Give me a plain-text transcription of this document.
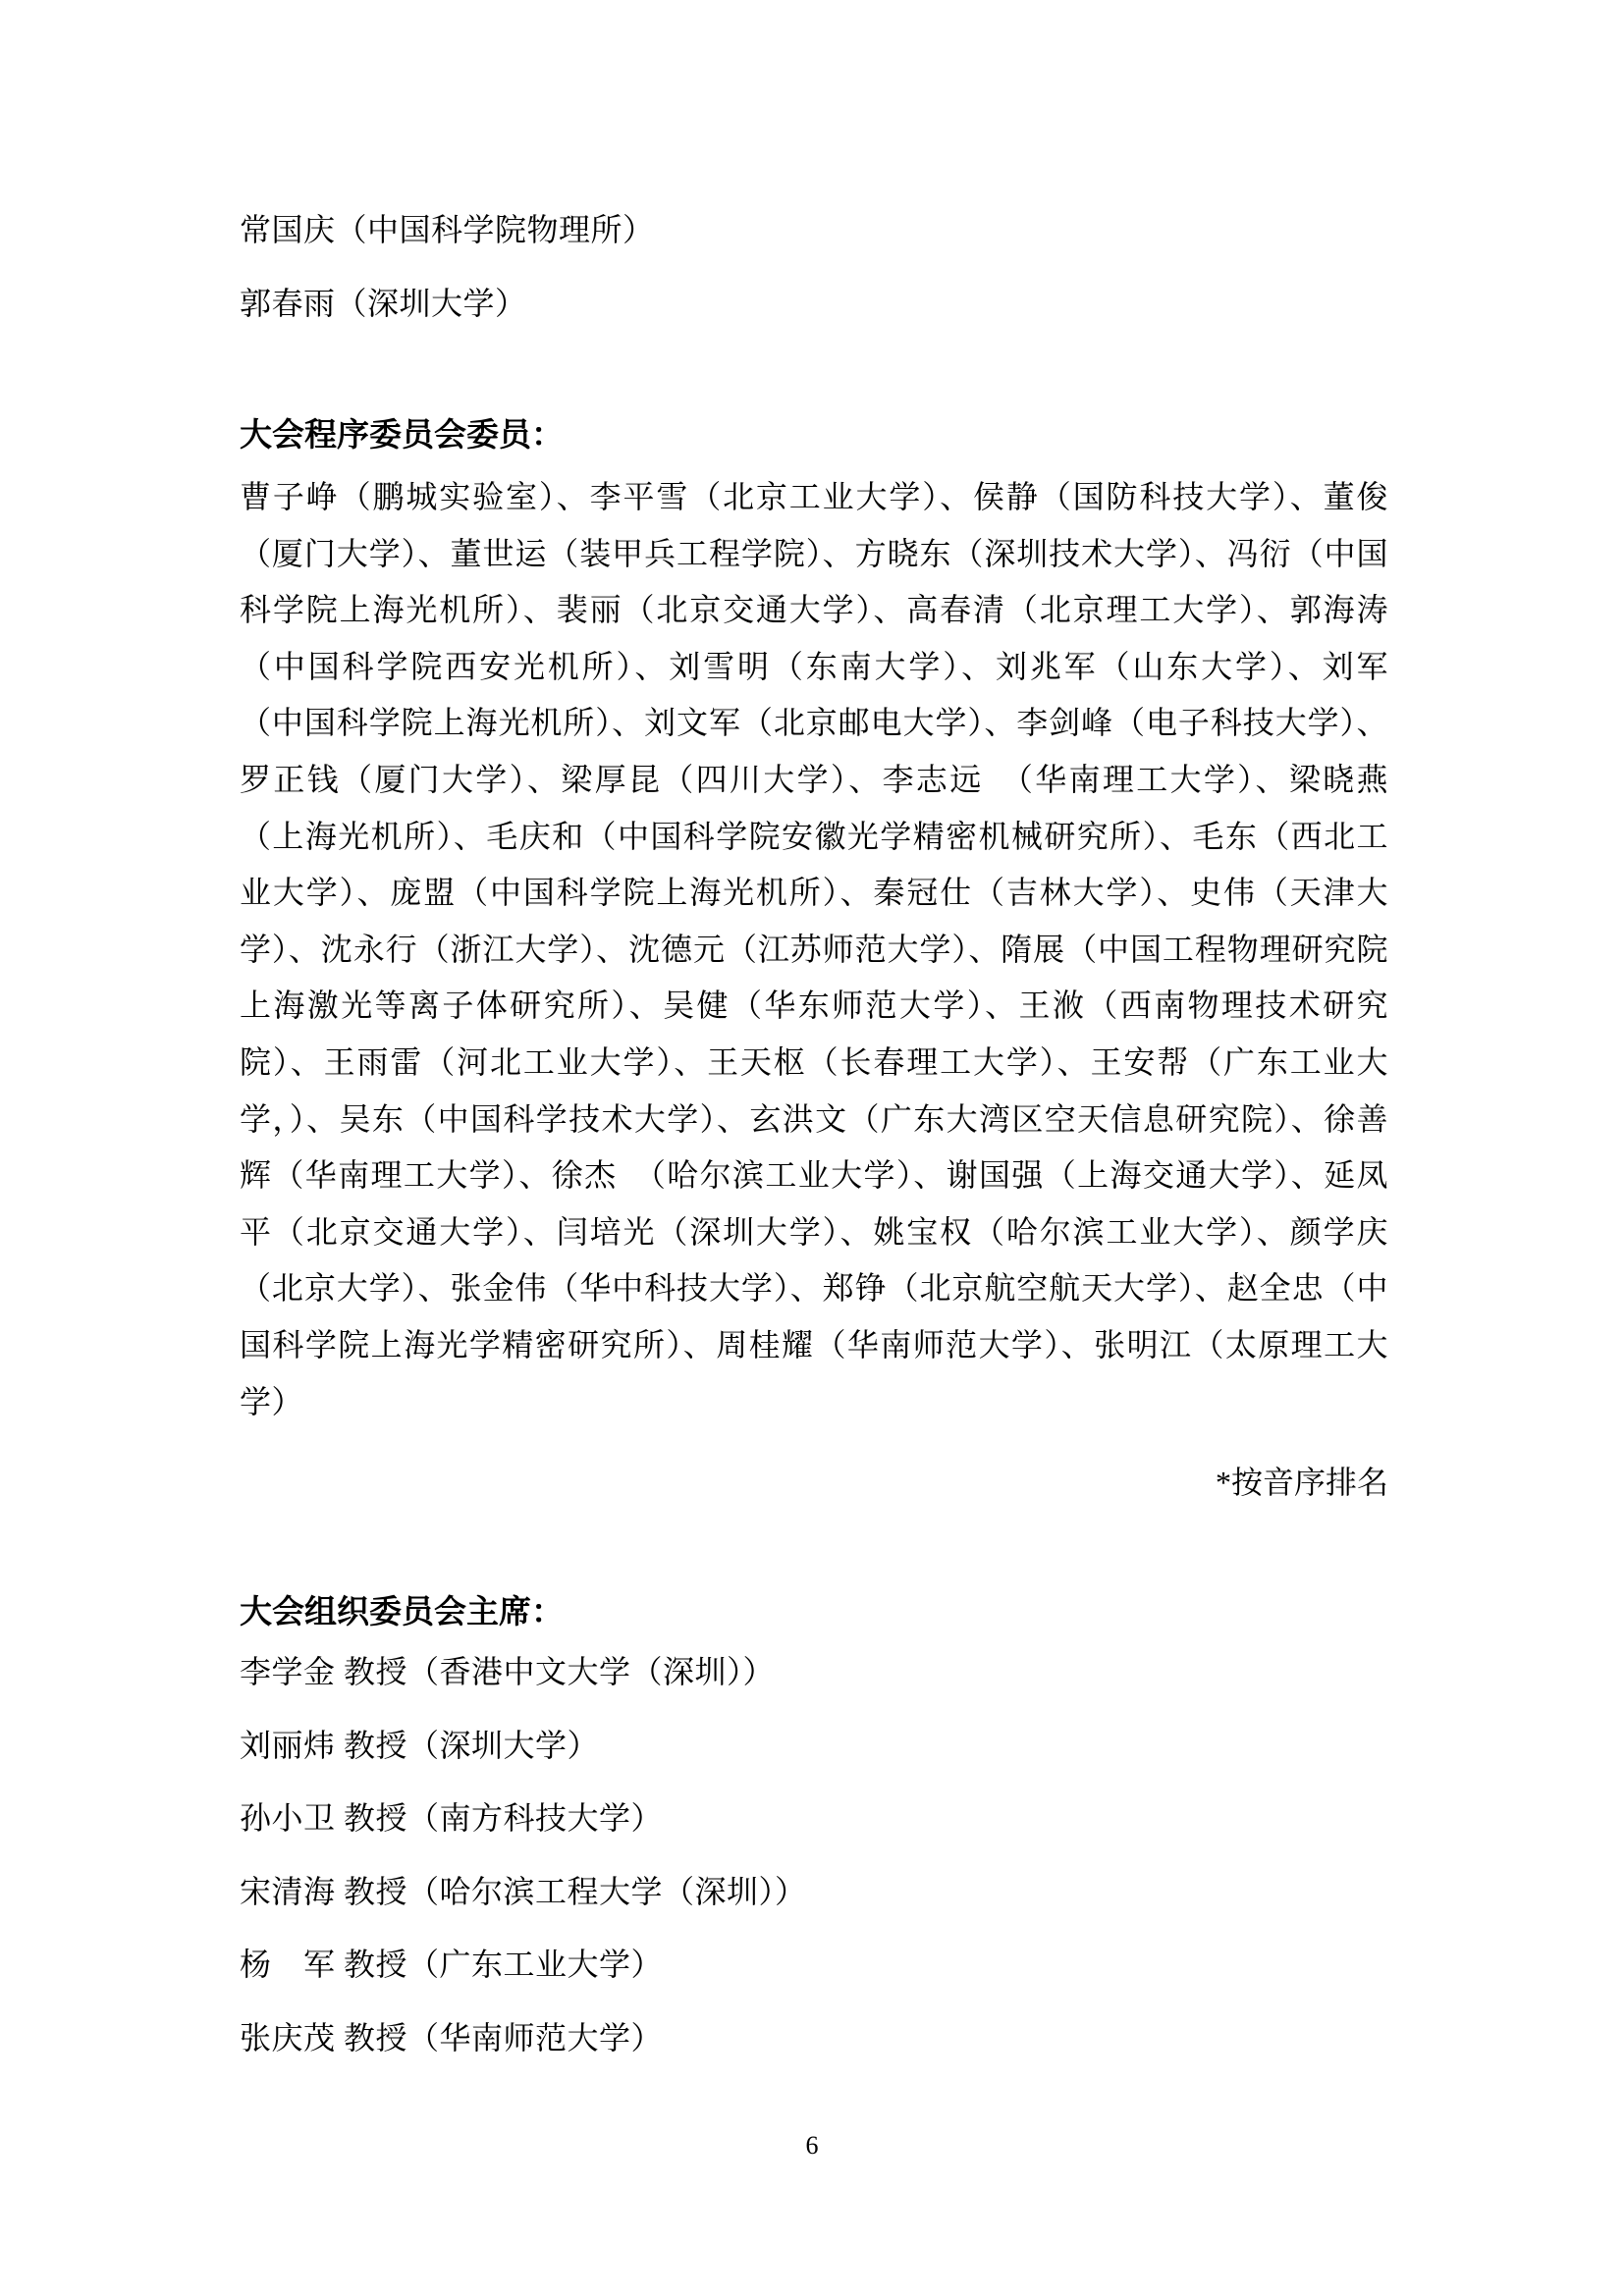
常国庆（中国科学院物理所）
郭春雨（深圳大学）
大会程序委员会委员：
曹子峥（鹏城实验室）、李平雪（北京工业大学）、侯静（国防科技大学）、董俊（厦门大学）、董世运（装甲兵工程学院）、方晓东（深圳技术大学）、冯衍（中国科学院上海光机所）、裴丽（北京交通大学）、高春清（北京理工大学）、郭海涛（中国科学院西安光机所）、刘雪明（东南大学）、刘兆军（山东大学）、刘军　（中国科学院上海光机所）、刘文军（北京邮电大学）、李剑峰（电子科技大学）、罗正钱（厦门大学）、梁厚昆（四川大学）、李志远　（华南理工大学）、梁晓燕（上海光机所）、毛庆和（中国科学院安徽光学精密机械研究所）、毛东（西北工业大学）、庞盟（中国科学院上海光机所）、秦冠仕（吉林大学）、史伟（天津大学）、沈永行（浙江大学）、沈德元（江苏师范大学）、隋展（中国工程物理研究院上海激光等离子体研究所）、吴健（华东师范大学）、王浟（西南物理技术研究院）、王雨雷（河北工业大学）、王天枢（长春理工大学）、王安帮（广东工业大学，）、吴东（中国科学技术大学）、玄洪文（广东大湾区空天信息研究院）、徐善辉（华南理工大学）、徐杰　（哈尔滨工业大学）、谢国强（上海交通大学）、延凤平（北京交通大学）、闫培光（深圳大学）、姚宝权（哈尔滨工业大学）、颜学庆（北京大学）、张金伟（华中科技大学）、郑铮（北京航空航天大学）、赵全忠（中国科学院上海光学精密研究所）、周桂耀（华南师范大学）、张明江（太原理工大学）
*按音序排名
大会组织委员会主席：
李学金 教授（香港中文大学（深圳））
刘丽炜 教授（深圳大学）
孙小卫 教授（南方科技大学）
宋清海 教授（哈尔滨工程大学（深圳））
杨　军 教授（广东工业大学）
张庆茂 教授（华南师范大学）
6
